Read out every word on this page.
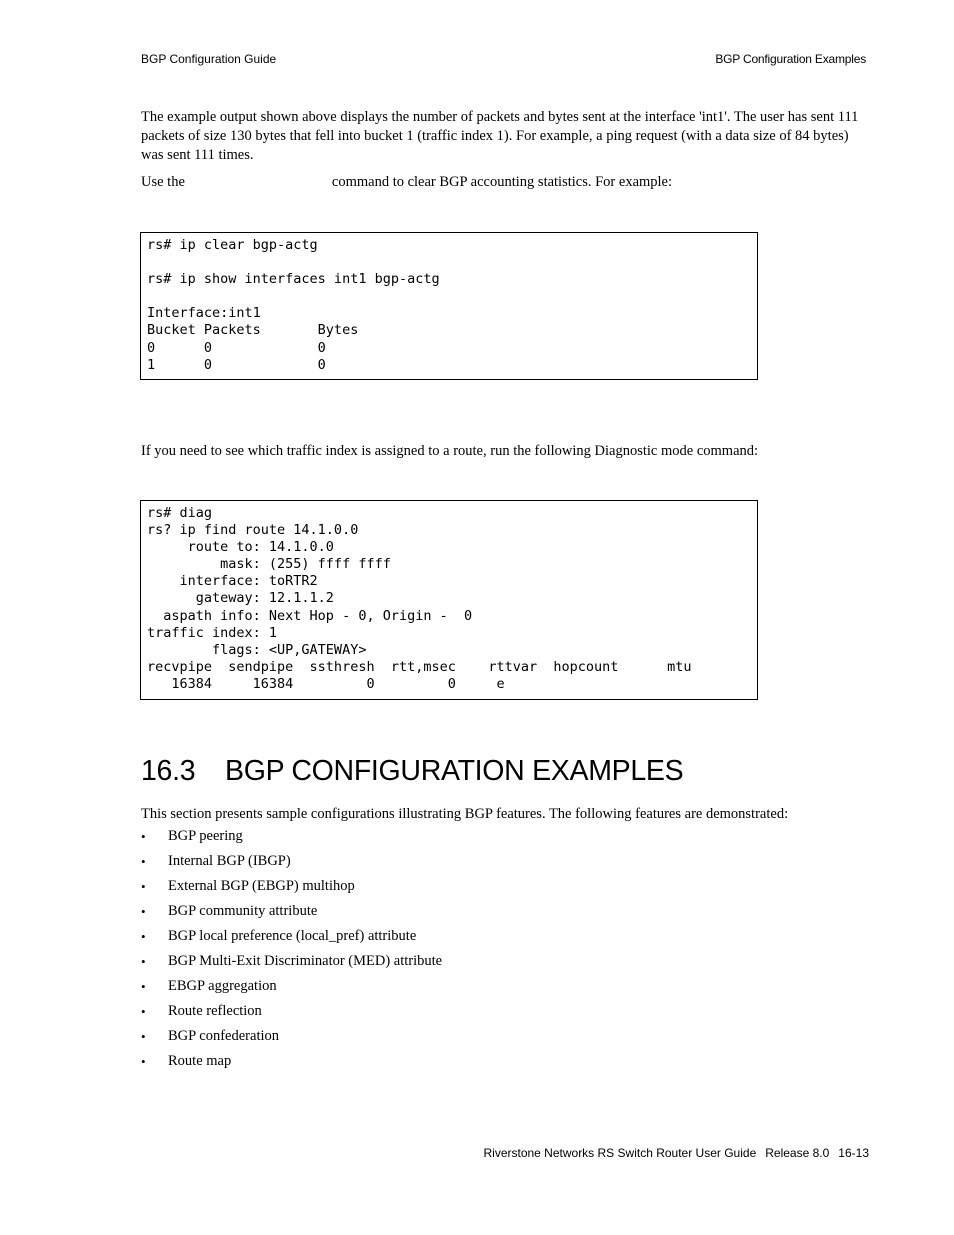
BGP Configuration Guide	BGP Configuration Examples

The example output shown above displays the number of packets and bytes sent at the interface 'int1'. The user has sent 111 packets of size 130 bytes that fell into bucket 1 (traffic index 1). For example, a ping request (with a data size of 84 bytes) was sent 111 times.

Use the	command to clear BGP accounting statistics. For example:

rs# ip clear bgp-actg

rs# ip show interfaces int1 bgp-actg

Interface:int1
Bucket Packets       Bytes
0      0             0
1      0             0

If you need to see which traffic index is assigned to a route, run the following Diagnostic mode command:

rs# diag
rs? ip find route 14.1.0.0
route to: 14.1.0.0
mask: (255) ffff ffff
interface: toRTR2
gateway: 12.1.1.2
aspath info: Next Hop - 0, Origin -  0
traffic index: 1
flags: <UP,GATEWAY>
recvpipe  sendpipe  ssthresh  rtt,msec    rttvar  hopcount      mtu
16384     16384         0         0     e
16.3 BGP CONFIGURATION EXAMPLES

This section presents sample configurations illustrating BGP features. The following features are demonstrated:

• BGP peering
• Internal BGP (IBGP)
• External BGP (EBGP) multihop
• BGP community attribute
• BGP local preference (local_pref) attribute
• BGP Multi-Exit Discriminator (MED) attribute
• EBGP aggregation
• Route reflection
• BGP confederation
• Route map
Riverstone Networks RS Switch Router User Guide Release 8.0 16-13
